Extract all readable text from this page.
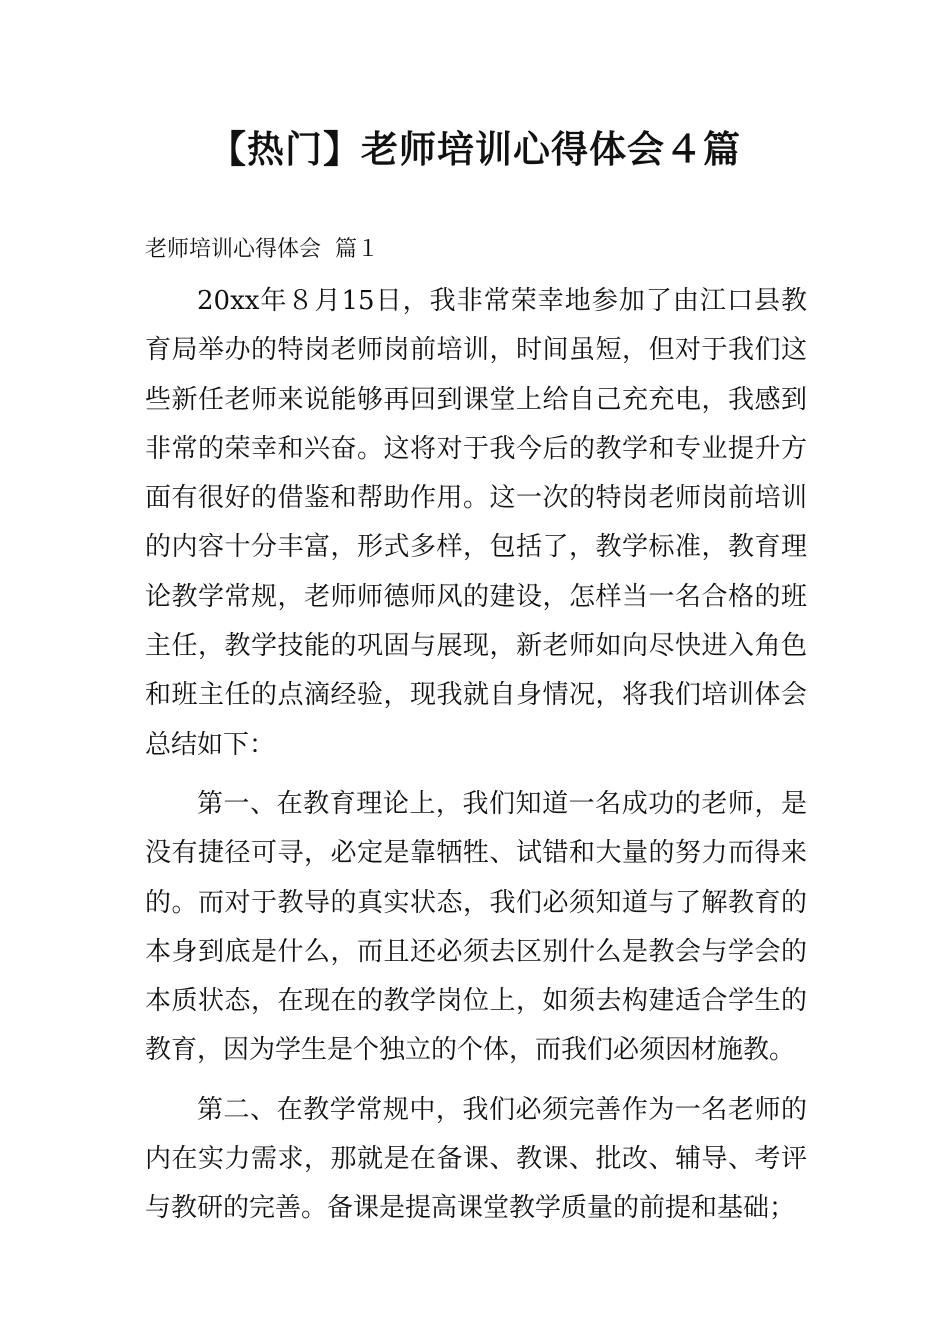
【热门】老师培训心得体会４篇

老师培训心得体会  篇１

20xx年８月15日，我非常荣幸地参加了由江口县教育局举办的特岗老师岗前培训，时间虽短，但对于我们这些新任老师来说能够再回到课堂上给自己充充电，我感到非常的荣幸和兴奋。这将对于我今后的教学和专业提升方面有很好的借鉴和帮助作用。这一次的特岗老师岗前培训的内容十分丰富，形式多样，包括了，教学标准，教育理论教学常规，老师师德师风的建设，怎样当一名合格的班主任，教学技能的巩固与展现，新老师如向尽快进入角色和班主任的点滴经验，现我就自身情况，将我们培训体会总结如下：

第一、在教育理论上，我们知道一名成功的老师，是没有捷径可寻，必定是靠牺牲、试错和大量的努力而得来的。而对于教导的真实状态，我们必须知道与了解教育的本身到底是什么，而且还必须去区别什么是教会与学会的本质状态，在现在的教学岗位上，如须去构建适合学生的教育，因为学生是个独立的个体，而我们必须因材施教。

第二、在教学常规中，我们必须完善作为一名老师的内在实力需求，那就是在备课、教课、批改、辅导、考评与教研的完善。备课是提高课堂教学质量的前提和基础；
